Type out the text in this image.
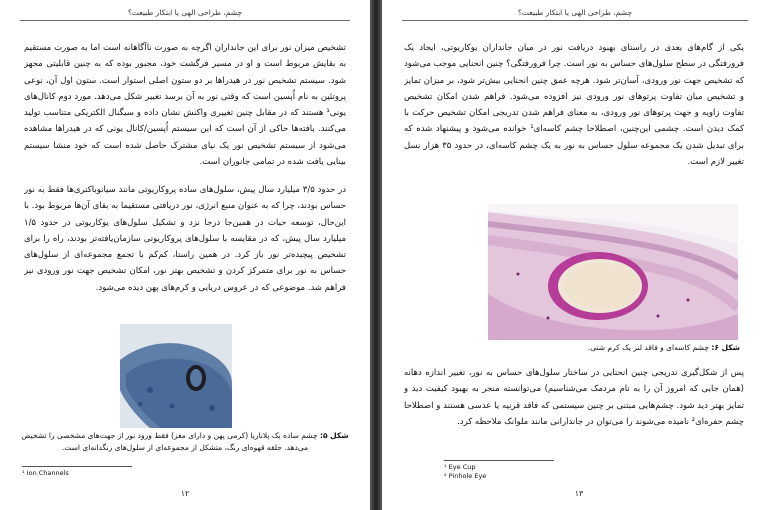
چشم، طراحی الهی یا ابتکار طبیعت؟
تشخیص میزان نور برای این جانداران اگرچه به صورت ناآگاهانه است اما به صورت مستقیم به بقایش مربوط است و او در مسیر فرگشت خود، مجبور بوده که به چنین قابلیتی مجهز شود. سیستم تشخیص نور در هیدراها بر دو ستون اصلی استوار است. ستون اول آن، نوعی پروتئین به نام اُپسین است که وقتی نور به آن برسد تغییر شکل می‌دهد. مورد دوم کانال‌های یونی¹ هستند که در مقابل چنین تغییری واکنش نشان داده و سیگنال الکتریکی متناسب تولید می‌کنند. یافته‌ها حاکی از آن است که این سیستم اُپسین/کانال یونی که در هیدراها مشاهده می‌شود از سیستم تشخیص نور یک نیای مشترک حاصل شده است که خود منشا سیستم بینایی یافت شده در تمامی جانوران است.
در حدود ۳/۵ میلیارد سال پیش، سلول‌های ساده پروکاریوتی مانند سیانوباکتری‌ها فقط به نور حساس بودند، چرا که به عنوان منبع انرژی، نور دریافتی مستقیما به بقای آن‌ها مربوط بود. با این‌حال، توسعه حیات در همین‌جا درجا نزد و تشکیل سلول‌های یوکاریوتی در حدود ۱/۵ میلیارد سال پیش، که در مقایسه با سلول‌های پروکاریوتی سازمان‌یافته‌تر بودند، راه را برای تشخیص پیچیده‌تر نور باز کرد. در همین راستا، کم‌کم با تجمع مجموعه‌ای از سلول‌های حساس به نور برای متمرکز کردن و تشخیص بهتر نور، امکان تشخیص جهت نور ورودی نیز فراهم شد. موضوعی که در عروس دریایی و کرم‌های پهن دیده می‌شود.
شکل ۵: چشم ساده یک پلاناریا (کرمی پهن و دارای مغز) فقط ورود نور از جهت‌های مشخصی را تشخیص می‌دهد. حلقه قهوه‌ای رنگ، متشکل از مجموعه‌ای از سلول‌های رنگدانه‌ای است.
¹ Ion Channels
۱۲
چشم، طراحی الهی یا ابتکار طبیعت؟
یکی از گام‌های بعدی در راستای بهبود دریافت نور در میان جانداران یوکاریوتی، ایجاد یک فرورفتگی در سطح سلول‌های حساس به نور است. چرا فرورفتگی؟ چنین انحنایی موجب می‌شود که تشخیص جهت نور ورودی، آسان‌تر شود. هرچه عمق چنین انحنایی بیش‌تر شود، بر میزان تمایز و تشخیص میان تفاوت پرتوهای نور ورودی نیز افزوده می‌شود. فراهم شدن امکان تشخیص تفاوت زاویه و جهت پرتوهای نور ورودی، به معنای فراهم شدن تدریجی امکان تشخیص حرکت با کمک دیدن است. چشمی این‌چنین، اصطلاحا چشم کاسه‌ای¹ خوانده می‌شود و پیشنهاد شده که برای تبدیل شدن یک مجموعه سلول حساس به نور به یک چشم کاسه‌ای، در حدود ۳۵ هزار نسل تغییر لازم است.
شکل ۶: چشم کاسه‌ای و فاقد لنز یک کرم شنی.
پس از شکل‌گیری تدریجی چنین انحنایی در ساختار سلول‌های حساس به نور، تغییر اندازه دهانه (همان جایی که امروز آن را به نام مردمک می‌شناسیم) می‌توانسته منجر به بهبود کیفیت دید و تمایز بهتر دید شود. چشم‌هایی مبتنی بر چنین سیستمی که فاقد قرنیه یا عدسی هستند و اصطلاحا چشم حفره‌ای² نامیده می‌شوند را می‌توان در جاندارانی مانند ملوانک ملاحظه کرد.
¹ Eye Cup
² Pinhole Eye
۱۳
